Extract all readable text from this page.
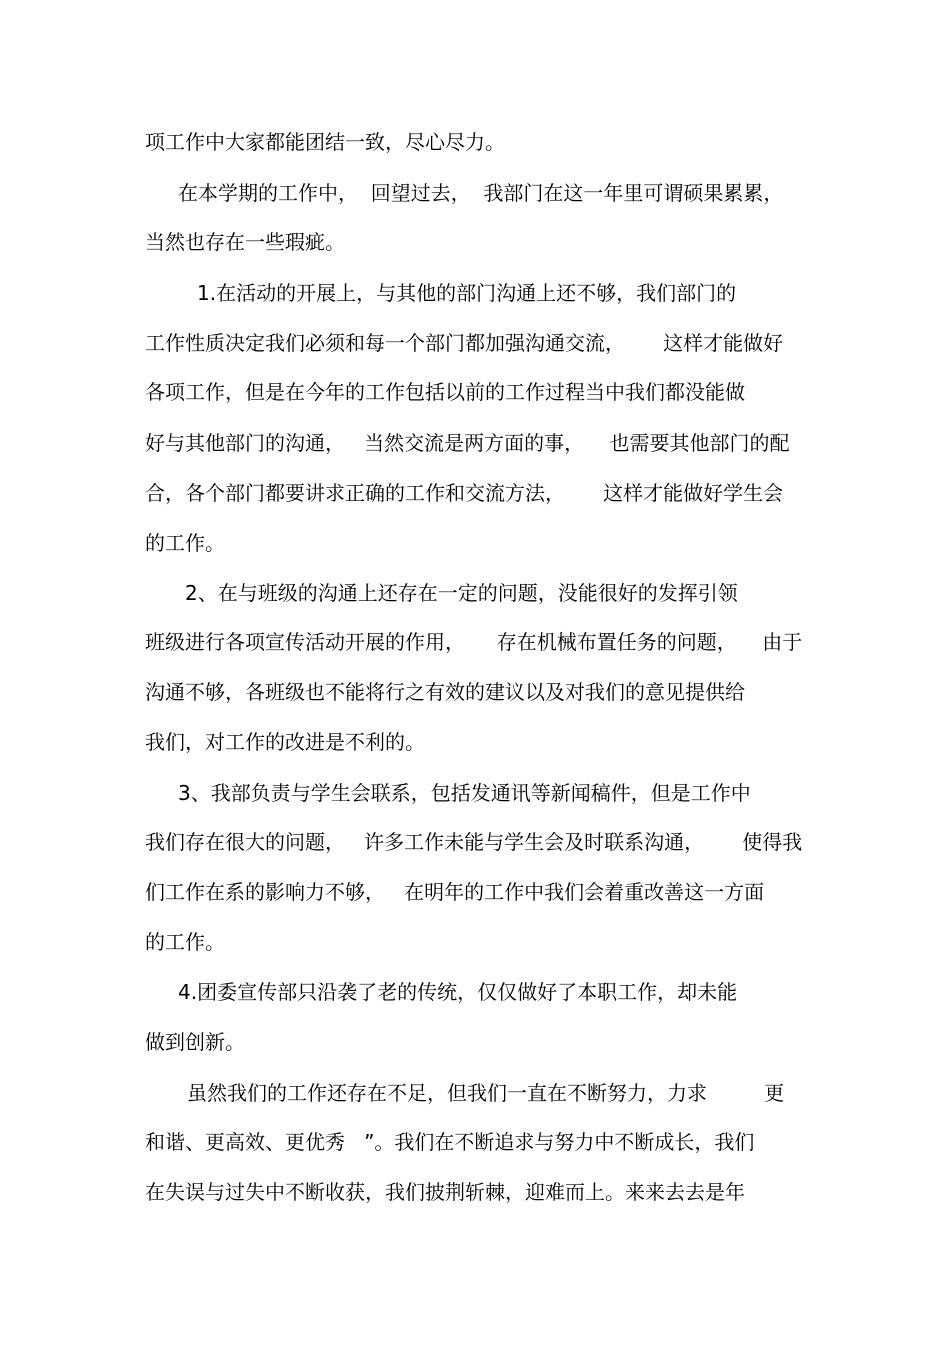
项工作中大家都能团结一致，尽心尽力。
在本学期的工作中，  回望过去，  我部门在这一年里可谓硕果累累，
当然也存在一些瑕疵。
1.在活动的开展上，与其他的部门沟通上还不够，我们部门的
工作性质决定我们必须和每一个部门都加强沟通交流，      这样才能做好
各项工作，但是在今年的工作包括以前的工作过程当中我们都没能做
好与其他部门的沟通，   当然交流是两方面的事，    也需要其他部门的配
合，各个部门都要讲求正确的工作和交流方法，      这样才能做好学生会
的工作。
2、在与班级的沟通上还存在一定的问题，没能很好的发挥引领
班级进行各项宣传活动开展的作用，     存在机械布置任务的问题，    由于
沟通不够，各班级也不能将行之有效的建议以及对我们的意见提供给
我们，对工作的改进是不利的。
3、我部负责与学生会联系，包括发通讯等新闻稿件，但是工作中
我们存在很大的问题，   许多工作未能与学生会及时联系沟通，      使得我
们工作在系的影响力不够，   在明年的工作中我们会着重改善这一方面
的工作。
4.团委宣传部只沿袭了老的传统，仅仅做好了本职工作，却未能
做到创新。
虽然我们的工作还存在不足，但我们一直在不断努力，力求         更
和谐、更高效、更优秀   ”。我们在不断追求与努力中不断成长，我们
在失误与过失中不断收获，我们披荆斩棘，迎难而上。来来去去是年
